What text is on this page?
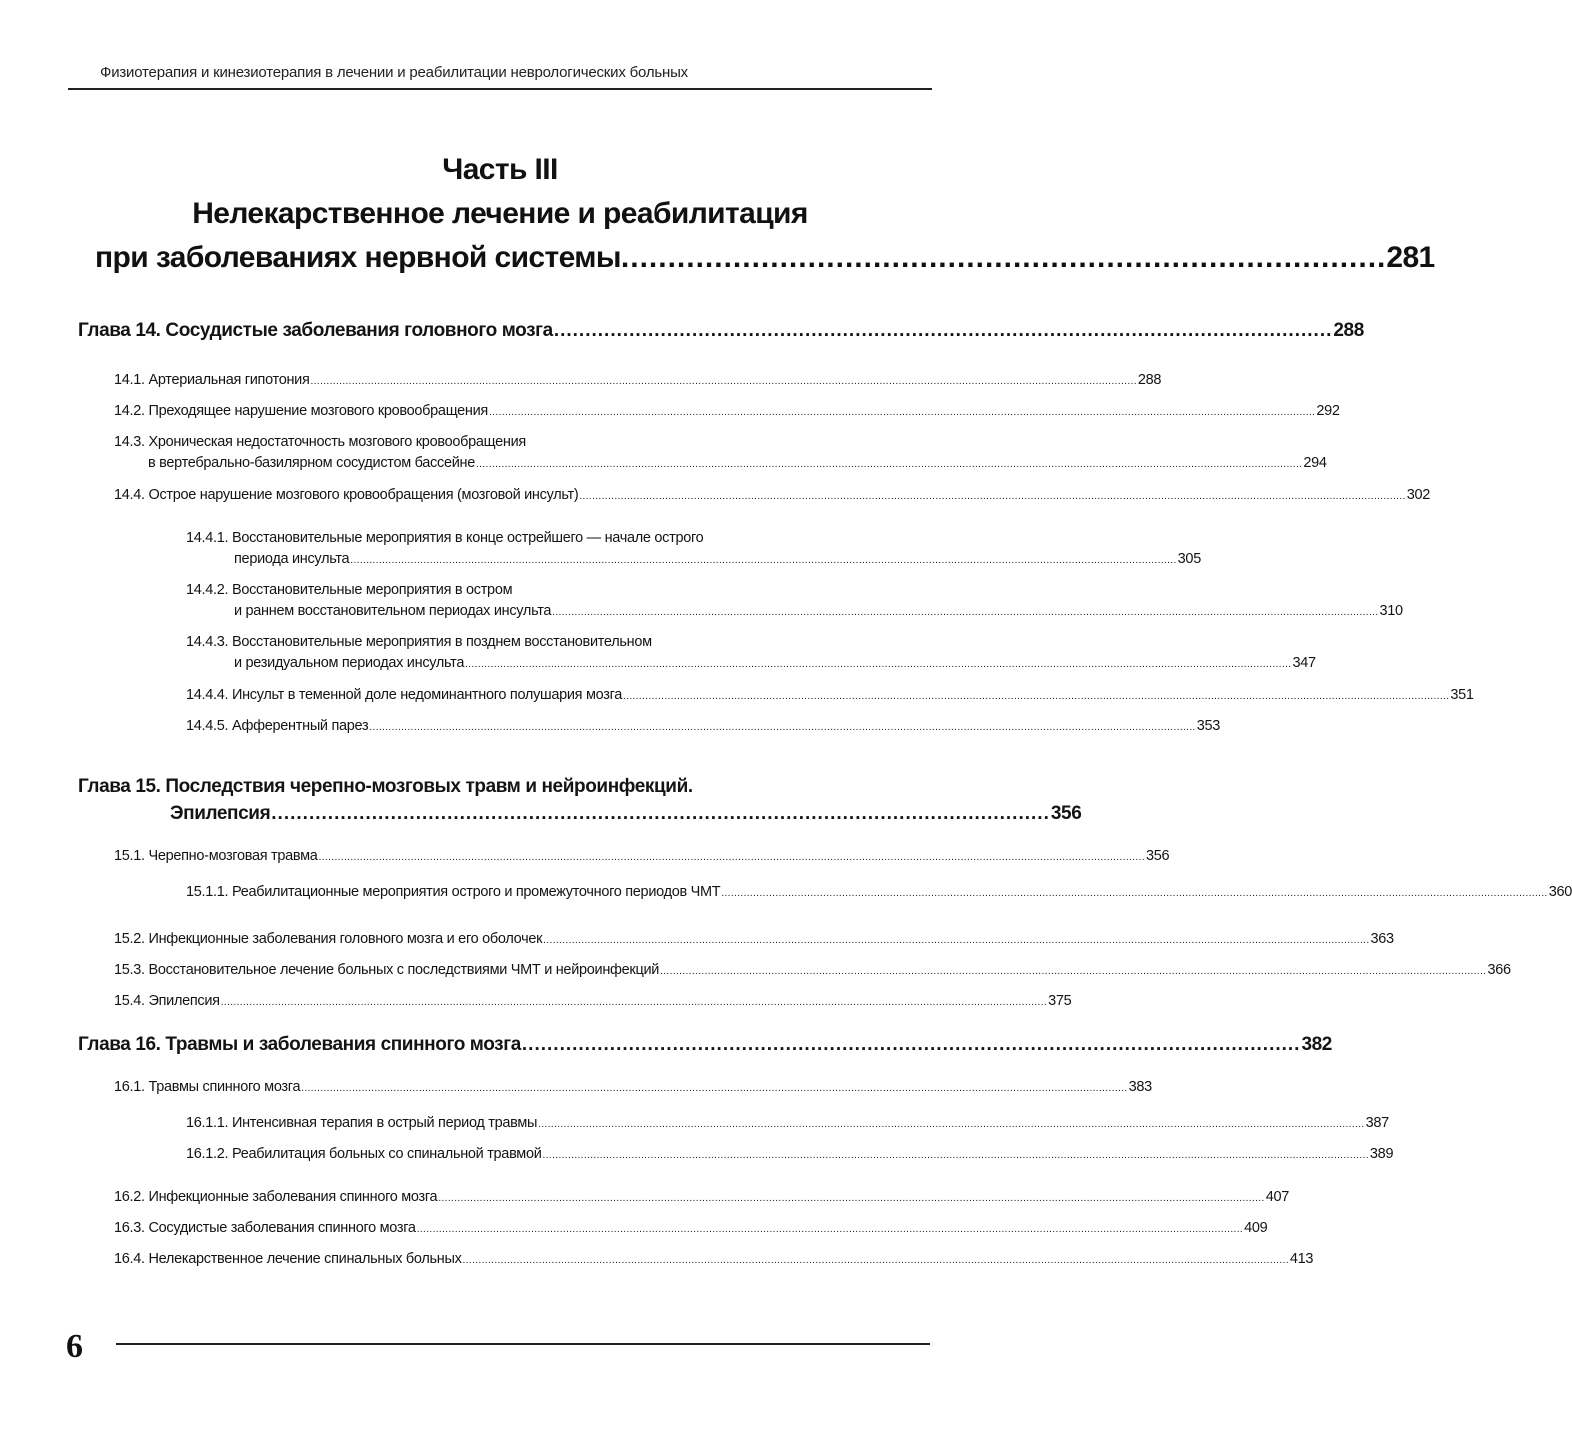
Физиотерапия и кинезиотерапия в лечении и реабилитации неврологических больных
Часть III
Нелекарственное лечение и реабилитация
при заболеваниях нервной системы .................................................................................. 281
Глава 14. Сосудистые заболевания головного мозга ............................................................................................................................ 288
14.1. Артериальная гипотония .................................................................................................................................................................................................................................................................... 288
14.2. Преходящее нарушение мозгового кровообращения .................................................................................................................................................................................................................................................................... 292
14.3. Хроническая недостаточность мозгового кровообращения
в вертебрально-базилярном сосудистом бассейне .................................................................................................................................................................................................................................................................... 294
14.4. Острое нарушение мозгового кровообращения (мозговой инсульт) .................................................................................................................................................................................................................................................................... 302
14.4.1. Восстановительные мероприятия в конце острейшего — начале острого
периода инсульта .................................................................................................................................................................................................................................................................... 305
14.4.2. Восстановительные мероприятия в остром
и раннем восстановительном периодах инсульта .................................................................................................................................................................................................................................................................... 310
14.4.3. Восстановительные мероприятия в позднем восстановительном
и резидуальном периодах инсульта .................................................................................................................................................................................................................................................................... 347
14.4.4. Инсульт в теменной доле недоминантного полушария мозга .................................................................................................................................................................................................................................................................... 351
14.4.5. Афферентный парез .................................................................................................................................................................................................................................................................... 353
Глава 15. Последствия черепно-мозговых травм и нейроинфекций.
Эпилепсия ............................................................................................................................ 356
15.1. Черепно-мозговая травма .................................................................................................................................................................................................................................................................... 356
15.1.1. Реабилитационные мероприятия острого и промежуточного периодов ЧМТ .................................................................................................................................................................................................................................................................... 360
15.2. Инфекционные заболевания головного мозга и его оболочек .................................................................................................................................................................................................................................................................... 363
15.3. Восстановительное лечение больных с последствиями ЧМТ и нейроинфекций .................................................................................................................................................................................................................................................................... 366
15.4. Эпилепсия .................................................................................................................................................................................................................................................................... 375
Глава 16. Травмы и заболевания спинного мозга ............................................................................................................................ 382
16.1. Травмы спинного мозга .................................................................................................................................................................................................................................................................... 383
16.1.1. Интенсивная терапия в острый период травмы .................................................................................................................................................................................................................................................................... 387
16.1.2. Реабилитация больных со спинальной травмой .................................................................................................................................................................................................................................................................... 389
16.2. Инфекционные заболевания спинного мозга .................................................................................................................................................................................................................................................................... 407
16.3. Сосудистые заболевания спинного мозга .................................................................................................................................................................................................................................................................... 409
16.4. Нелекарственное лечение спинальных больных .................................................................................................................................................................................................................................................................... 413
6
